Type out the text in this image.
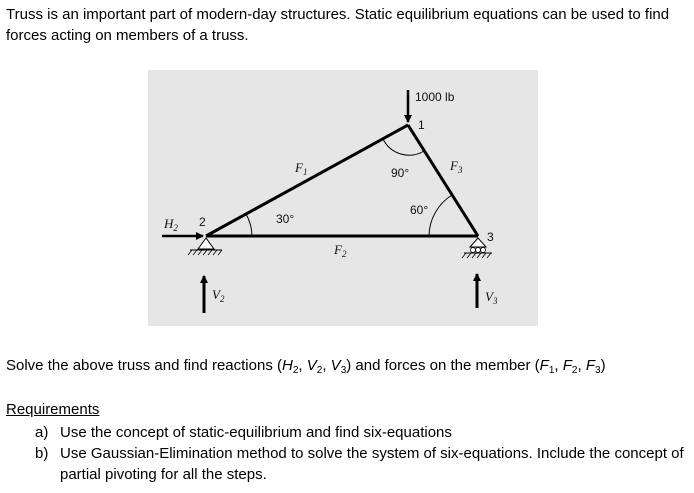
Truss is an important part of modern-day structures. Static equilibrium equations can be used to find forces acting on members of a truss.

1000 lb
1
2
3
90°
30°
60°
$F_1$
$F_2$
$F_3$
$H_2$
$V_2$	$V_3$

Solve the above truss and find reactions ($H_2$, $V_2$, $V_3$) and forces on the member ($F_1$, $F_2$, $F_3$)

Requirements

a) Use the concept of static-equilibrium and find six-equations
b) Use Gaussian-Elimination method to solve the system of six-equations. Include the concept of partial pivoting for all the steps.
